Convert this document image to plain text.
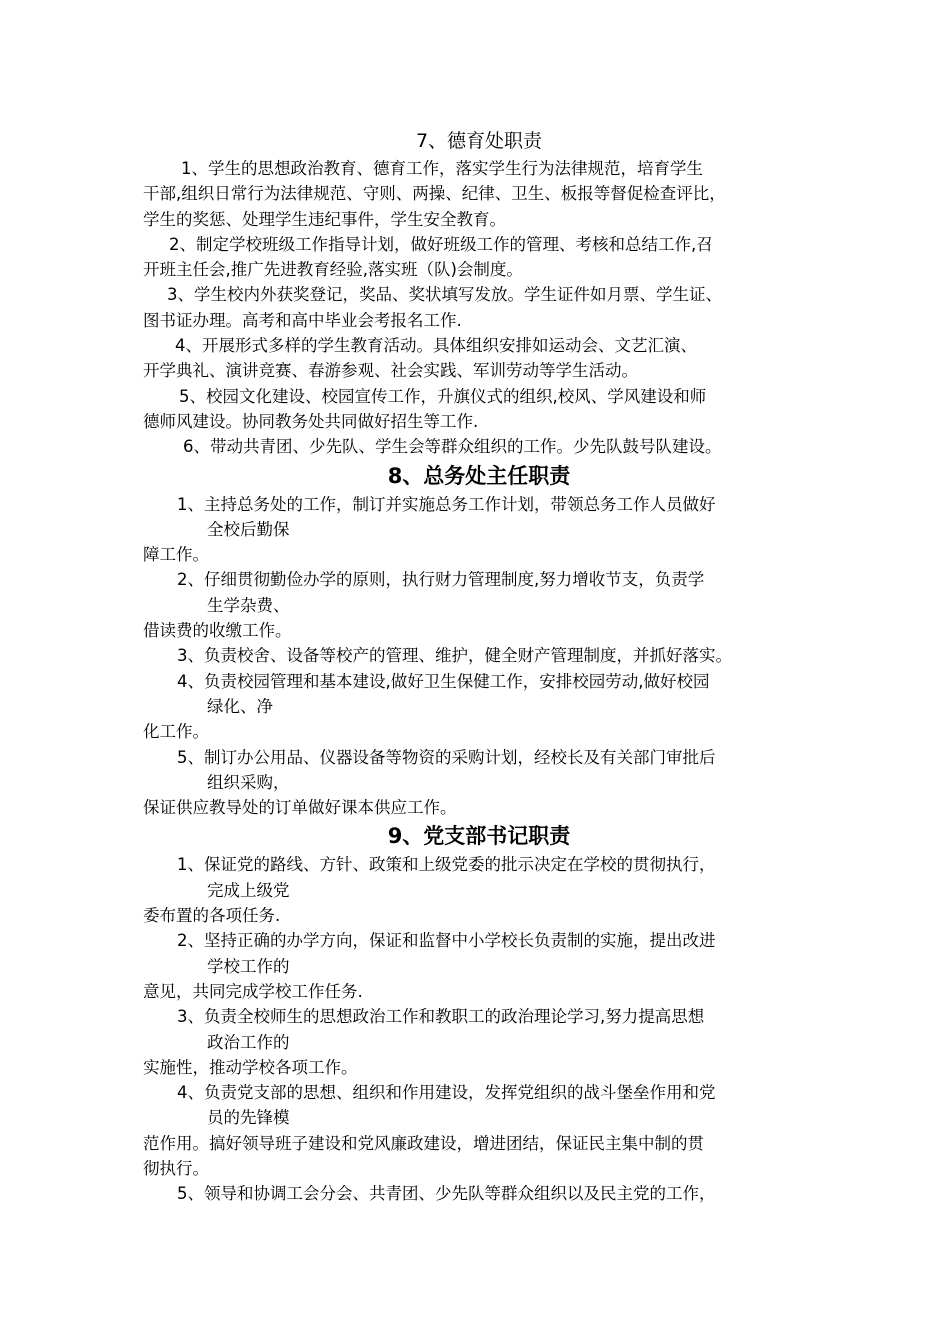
7、德育处职责
1、学生的思想政治教育、德育工作，落实学生行为法律规范，培育学生
干部,组织日常行为法律规范、守则、两操、纪律、卫生、板报等督促检查评比，
学生的奖惩、处理学生违纪事件，学生安全教育。
2、制定学校班级工作指导计划，做好班级工作的管理、考核和总结工作,召
开班主任会,推广先进教育经验,落实班（队)会制度。
3、学生校内外获奖登记，奖品、奖状填写发放。学生证件如月票、学生证、
图书证办理。高考和高中毕业会考报名工作.
4、开展形式多样的学生教育活动。具体组织安排如运动会、文艺汇演、
开学典礼、演讲竞赛、春游参观、社会实践、军训劳动等学生活动。
5、校园文化建设、校园宣传工作，升旗仪式的组织,校风、学风建设和师
德师风建设。协同教务处共同做好招生等工作.
6、带动共青团、少先队、学生会等群众组织的工作。少先队鼓号队建设。
8、总务处主任职责
1、主持总务处的工作，制订并实施总务工作计划，带领总务工作人员做好
全校后勤保
障工作。
2、仔细贯彻勤俭办学的原则，执行财力管理制度,努力增收节支，负责学
生学杂费、
借读费的收缴工作。
3、负责校舍、设备等校产的管理、维护，健全财产管理制度，并抓好落实。
4、负责校园管理和基本建设,做好卫生保健工作，安排校园劳动,做好校园
绿化、净
化工作。
5、制订办公用品、仪器设备等物资的采购计划，经校长及有关部门审批后
组织采购，
保证供应教导处的订单做好课本供应工作。
9、党支部书记职责
1、保证党的路线、方针、政策和上级党委的批示决定在学校的贯彻执行，
完成上级党
委布置的各项任务.
2、坚持正确的办学方向，保证和监督中小学校长负责制的实施，提出改进
学校工作的
意见，共同完成学校工作任务.
3、负责全校师生的思想政治工作和教职工的政治理论学习,努力提高思想
政治工作的
实施性，推动学校各项工作。
4、负责党支部的思想、组织和作用建设，发挥党组织的战斗堡垒作用和党
员的先锋模
范作用。搞好领导班子建设和党风廉政建设，增进团结，保证民主集中制的贯
彻执行。
5、领导和协调工会分会、共青团、少先队等群众组织以及民主党的工作，
